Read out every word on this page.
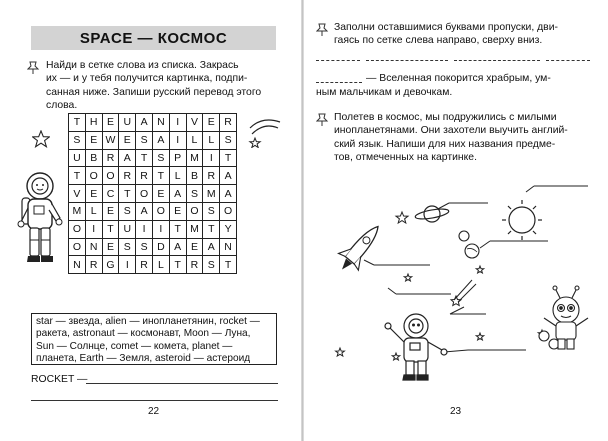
SPACE — КОСМОС
Найди в сетке слова из списка. Закрась
их — и у тебя получится картинка, подпи-
санная ниже. Запиши русский перевод этого
слова.
T	H	E	U	A	N	I	V	E	R
S	E	W	E	S	A	I	L	L	S
U	B	R	A	T	S	P	M	I	T
T	O	O	R	R	T	L	B	R	A
V	E	C	T	O	E	A	S	M	A
M	L	E	S	A	O	E	O	S	O
O	I	T	U	I	I	T	M	T	Y
O	N	E	S	S	D	A	E	A	N
N	R	G	I	R	L	T	R	S	T
star — звезда, alien — инопланетянин, rocket —
ракета, astronaut — космонавт, Moon — Луна,
Sun — Солнце, comet — комета, planet —
планета, Earth — Земля, asteroid — астероид
ROCKET —
22
Заполни оставшимися буквами пропуски, дви-
гаясь по сетке слева направо, сверху вниз.
— Вселенная покорится храбрым, ум-
ным мальчикам и девочкам.
Полетев в космос, мы подружились с милыми
инопланетянами. Они захотели выучить англий-
ский язык. Напиши для них названия предме-
тов, отмеченных на картинке.
23
